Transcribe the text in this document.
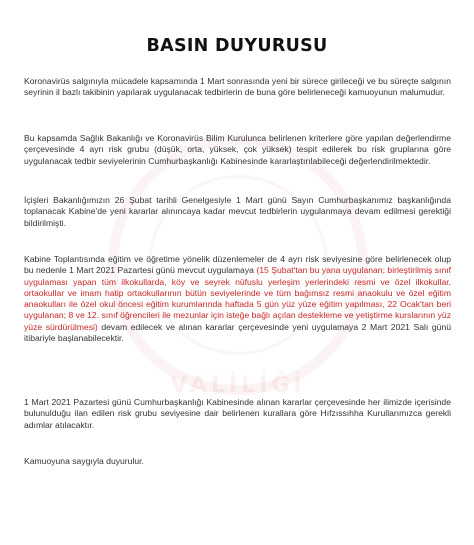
VALİLİĞİ
BASIN DUYURUSU

Koronavirüs salgınıyla mücadele kapsamında 1 Mart sonrasında yeni bir sürece girileceği ve bu süreçte salgının seyrinin il bazlı takibinin yapılarak uygulanacak tedbirlerin de buna göre belirleneceği kamuoyunun malumudur.

Bu kapsamda Sağlık Bakanlığı ve Koronavirüs Bilim Kurulunca belirlenen kriterlere göre yapılan değerlendirme çerçevesinde 4 ayrı risk grubu (düşük, orta, yüksek, çok yüksek) tespit edilerek bu risk gruplarına göre uygulanacak tedbir seviyelerinin Cumhurbaşkanlığı Kabinesinde kararlaştırılabileceği değerlendirilmektedir.

İçişleri Bakanlığımızın 26 Şubat tarihli Genelgesiyle 1 Mart günü Sayın Cumhurbaşkanımız başkanlığında toplanacak Kabine'de yeni kararlar alınıncaya kadar mevcut tedbirlerin uygulanmaya devam edilmesi gerektiği bildirilmişti.

Kabine Toplantısında eğitim ve öğretime yönelik düzenlemeler de 4 ayrı risk seviyesine göre belirlenecek olup bu nedenle 1 Mart 2021 Pazartesi günü mevcut uygulamaya (15 Şubat'tan bu yana uygulanan; birleştirilmiş sınıf uygulaması yapan tüm ilkokullarda, köy ve seyrek nüfuslu yerleşim yerlerindeki resmi ve özel ilkokullar, ortaokullar ve imam hatip ortaokullarının bütün seviyelerinde ve tüm bağımsız resmi anaokulu ve özel eğitim anaokulları ile özel okul öncesi eğitim kurumlarında haftada 5 gün yüz yüze eğitim yapılması, 22 Ocak'tan beri uygulanan; 8 ve 12. sınıf öğrencileri ile mezunlar için isteğe bağlı açılan destekleme ve yetiştirme kurslarının yüz yüze sürdürülmesi) devam edilecek ve alınan kararlar çerçevesinde yeni uygulamaya 2 Mart 2021 Salı günü itibariyle başlanabilecektir.

1 Mart 2021 Pazartesi günü Cumhurbaşkanlığı Kabinesinde alınan kararlar çerçevesinde her ilimizde içerisinde bulunulduğu ilan edilen risk grubu seviyesine dair belirlenen kurallara göre Hıfzıssıhha Kurullarımızca gerekli adımlar atılacaktır.

Kamuoyuna saygıyla duyurulur.
